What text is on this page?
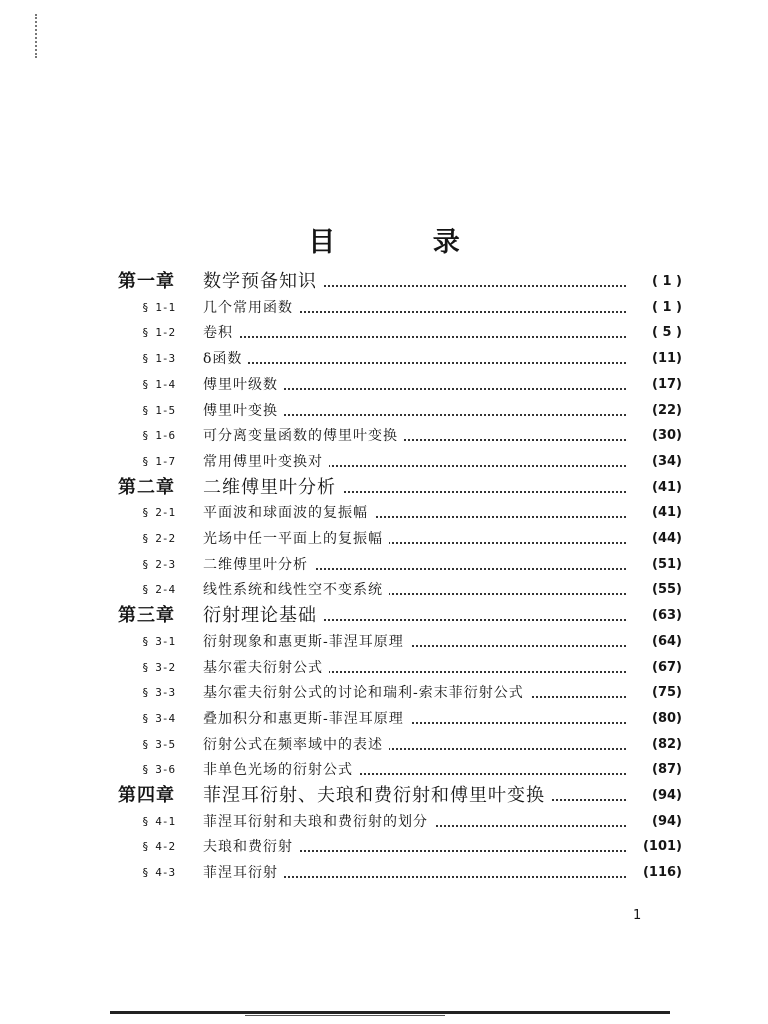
目 录
第一章 数学预备知识	( 1 )
§ 1-1 几个常用函数	( 1 )
§ 1-2 卷积	( 5 )
§ 1-3 δ函数	(11)
§ 1-4 傅里叶级数	(17)
§ 1-5 傅里叶变换	(22)
§ 1-6 可分离变量函数的傅里叶变换	(30)
§ 1-7 常用傅里叶变换对	(34)
第二章 二维傅里叶分析	(41)
§ 2-1 平面波和球面波的复振幅	(41)
§ 2-2 光场中任一平面上的复振幅	(44)
§ 2-3 二维傅里叶分析	(51)
§ 2-4 线性系统和线性空不变系统	(55)
第三章 衍射理论基础	(63)
§ 3-1 衍射现象和惠更斯-菲涅耳原理	(64)
§ 3-2 基尔霍夫衍射公式	(67)
§ 3-3 基尔霍夫衍射公式的讨论和瑞利-索末菲衍射公式	(75)
§ 3-4 叠加积分和惠更斯-菲涅耳原理	(80)
§ 3-5 衍射公式在频率域中的表述	(82)
§ 3-6 非单色光场的衍射公式	(87)
第四章 菲涅耳衍射、夫琅和费衍射和傅里叶变换	(94)
§ 4-1 菲涅耳衍射和夫琅和费衍射的划分	(94)
§ 4-2 夫琅和费衍射	(101)
§ 4-3 菲涅耳衍射	(116)
1
